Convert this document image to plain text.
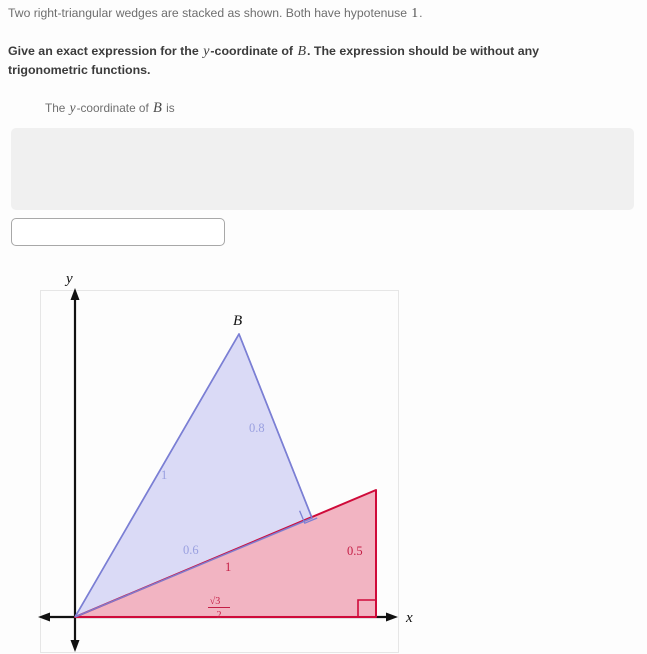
Two right-triangular wedges are stacked as shown. Both have hypotenuse 1.
Give an exact expression for the y-coordinate of B. The expression should be without any trigonometric functions.
The y-coordinate of B is
y
x
B
0.8
1
0.6
1
0.5
√3
2
